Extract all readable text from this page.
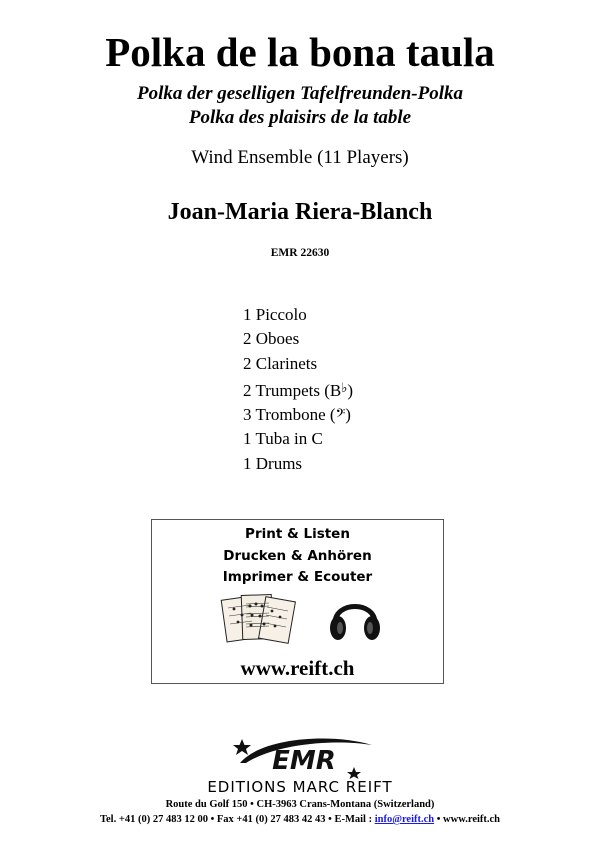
Polka de la bona taula
Polka der geselligen Tafelfreunden-Polka
Polka des plaisirs de la table
Wind Ensemble (11 Players)
Joan-Maria Riera-Blanch
EMR 22630
1 Piccolo
2 Oboes
2 Clarinets
2 Trumpets (B♭)
3 Trombone (𝄢)
1 Tuba in C
1 Drums
Print & Listen
Drucken & Anhören
Imprimer & Ecouter
www.reift.ch
EMR
EDITIONS MARC REIFT
Route du Golf 150 • CH-3963 Crans-Montana (Switzerland)
Tel. +41 (0) 27 483 12 00 • Fax +41 (0) 27 483 42 43 • E-Mail : info@reift.ch • www.reift.ch
